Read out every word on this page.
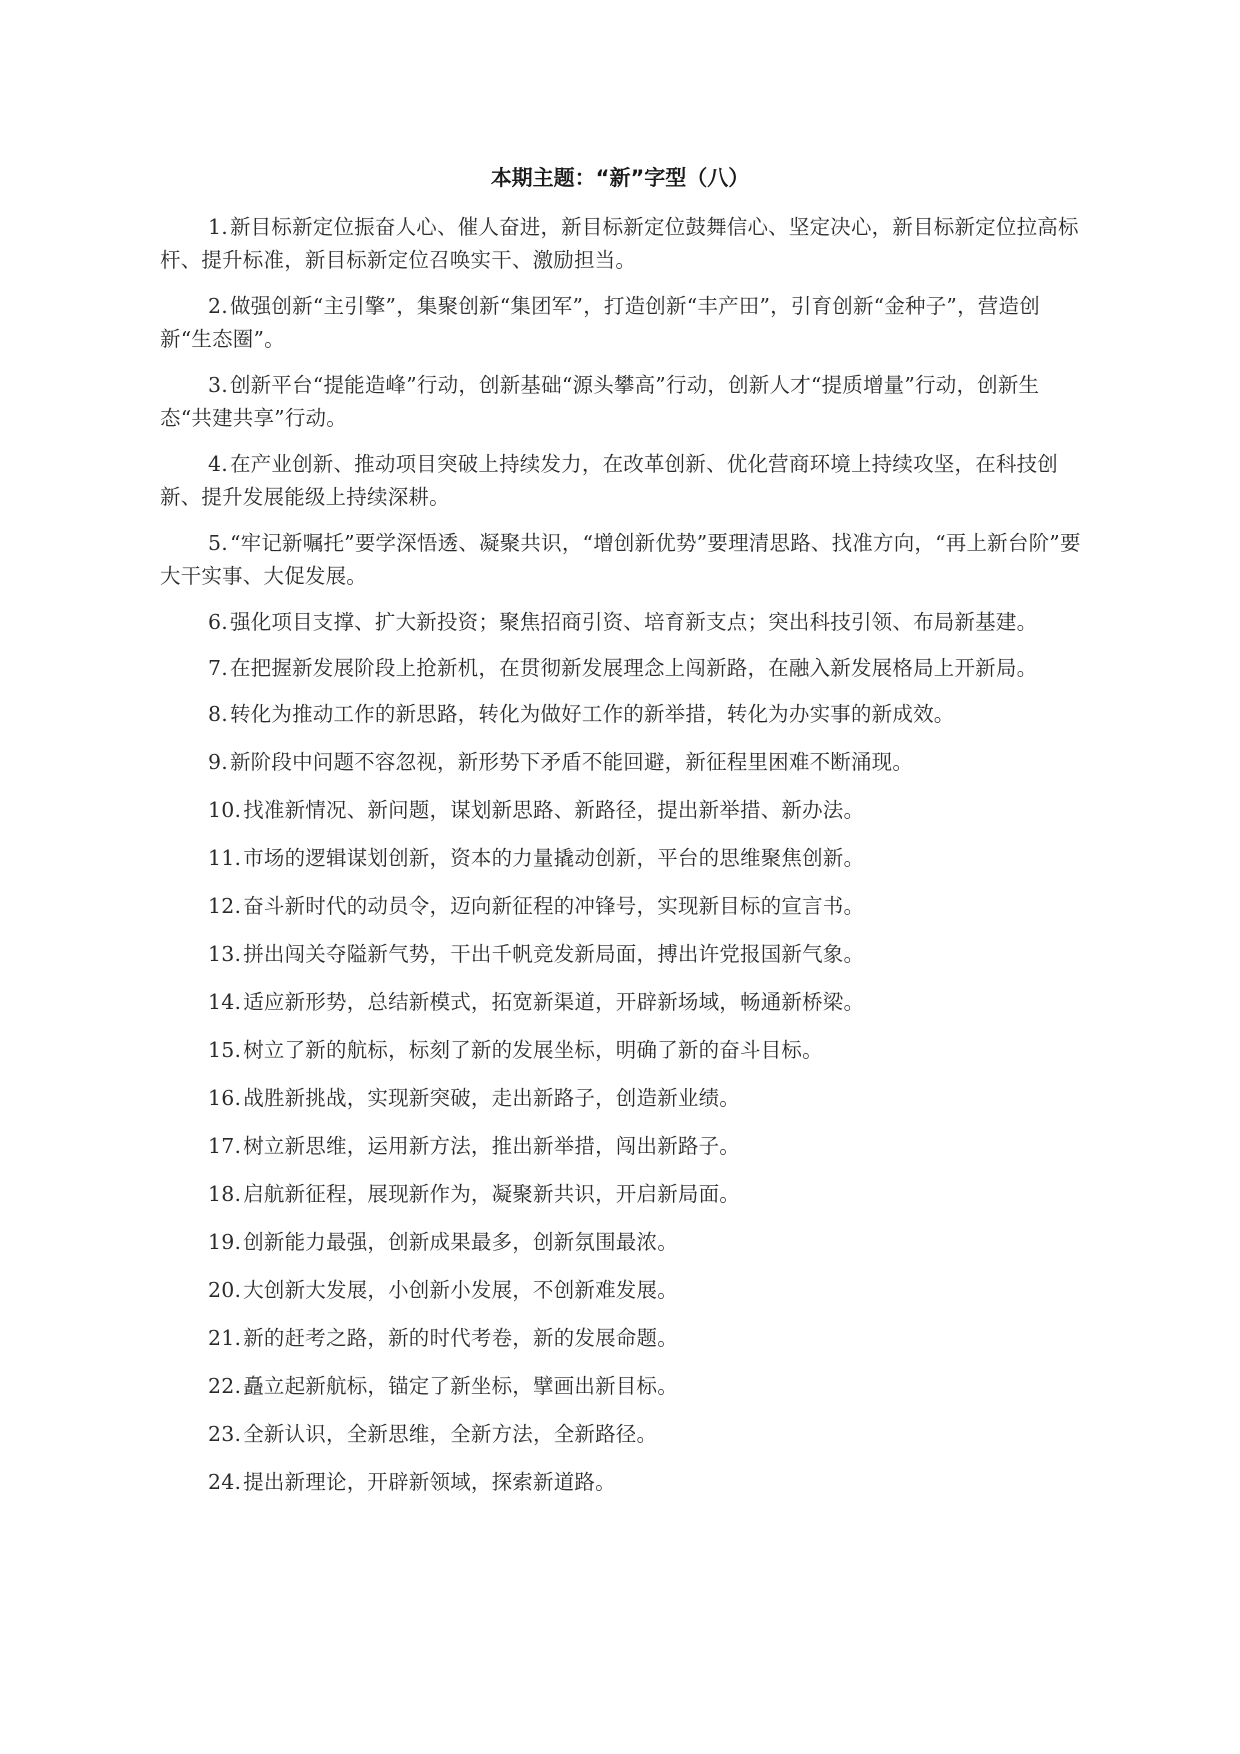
本期主题：“新”字型（八）
1.新目标新定位振奋人心、催人奋进，新目标新定位鼓舞信心、坚定决心，新目标新定位拉高标杆、提升标准，新目标新定位召唤实干、激励担当。
2.做强创新“主引擎”，集聚创新“集团军”，打造创新“丰产田”，引育创新“金种子”，营造创新“生态圈”。
3.创新平台“提能造峰”行动，创新基础“源头攀高”行动，创新人才“提质增量”行动，创新生态“共建共享”行动。
4.在产业创新、推动项目突破上持续发力，在改革创新、优化营商环境上持续攻坚，在科技创新、提升发展能级上持续深耕。
5.“牢记新嘱托”要学深悟透、凝聚共识，“增创新优势”要理清思路、找准方向，“再上新台阶”要大干实事、大促发展。
6.强化项目支撑、扩大新投资；聚焦招商引资、培育新支点；突出科技引领、布局新基建。
7.在把握新发展阶段上抢新机，在贯彻新发展理念上闯新路，在融入新发展格局上开新局。
8.转化为推动工作的新思路，转化为做好工作的新举措，转化为办实事的新成效。
9.新阶段中问题不容忽视，新形势下矛盾不能回避，新征程里困难不断涌现。
10.找准新情况、新问题，谋划新思路、新路径，提出新举措、新办法。
11.市场的逻辑谋划创新，资本的力量撬动创新，平台的思维聚焦创新。
12.奋斗新时代的动员令，迈向新征程的冲锋号，实现新目标的宣言书。
13.拼出闯关夺隘新气势，干出千帆竞发新局面，搏出许党报国新气象。
14.适应新形势，总结新模式，拓宽新渠道，开辟新场域，畅通新桥梁。
15.树立了新的航标，标刻了新的发展坐标，明确了新的奋斗目标。
16.战胜新挑战，实现新突破，走出新路子，创造新业绩。
17.树立新思维，运用新方法，推出新举措，闯出新路子。
18.启航新征程，展现新作为，凝聚新共识，开启新局面。
19.创新能力最强，创新成果最多，创新氛围最浓。
20.大创新大发展，小创新小发展，不创新难发展。
21.新的赶考之路，新的时代考卷，新的发展命题。
22.矗立起新航标，锚定了新坐标，擘画出新目标。
23.全新认识，全新思维，全新方法，全新路径。
24.提出新理论，开辟新领域，探索新道路。
